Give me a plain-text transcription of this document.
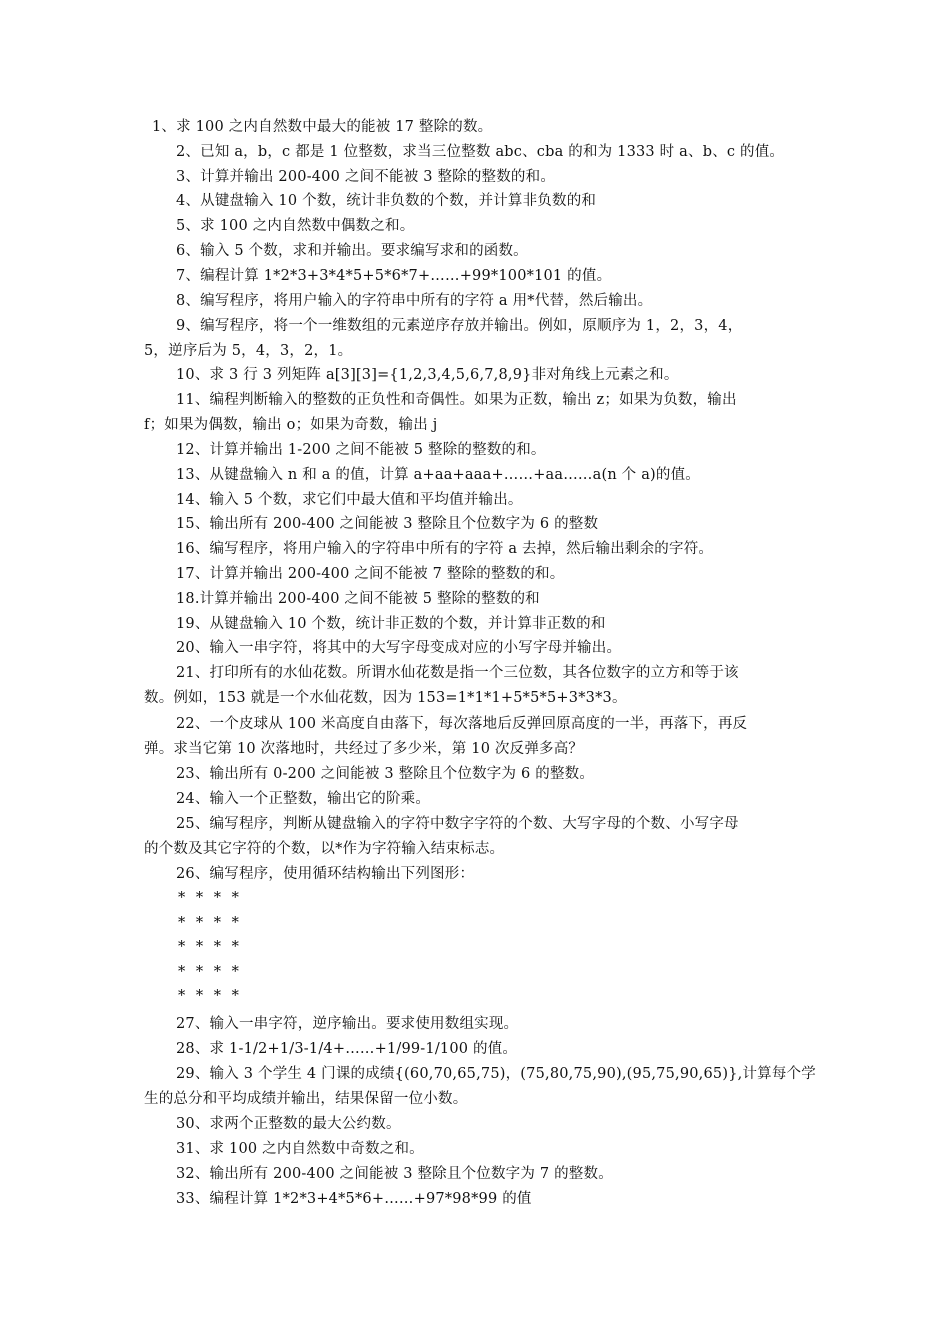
1、求 100 之内自然数中最大的能被 17 整除的数。
2、已知 a，b，c 都是 1 位整数，求当三位整数 abc、cba 的和为 1333 时 a、b、c 的值。
3、计算并输出 200-400 之间不能被 3 整除的整数的和。
4、从键盘输入 10 个数，统计非负数的个数，并计算非负数的和
5、求 100 之内自然数中偶数之和。
6、输入 5 个数，求和并输出。要求编写求和的函数。
7、编程计算 1*2*3+3*4*5+5*6*7+……+99*100*101 的值。
8、编写程序，将用户输入的字符串中所有的字符 a 用*代替，然后输出。
9、编写程序，将一个一维数组的元素逆序存放并输出。例如，原顺序为 1，2，3，4，
5，逆序后为 5，4，3，2，1。
10、求 3 行 3 列矩阵 a[3][3]={1,2,3,4,5,6,7,8,9}非对角线上元素之和。
11、编程判断输入的整数的正负性和奇偶性。如果为正数，输出 z；如果为负数，输出
f；如果为偶数，输出 o；如果为奇数，输出 j
12、计算并输出 1-200 之间不能被 5 整除的整数的和。
13、从键盘输入 n 和 a 的值，计算 a+aa+aaa+……+aa……a(n 个 a)的值。
14、输入 5 个数，求它们中最大值和平均值并输出。
15、输出所有 200-400 之间能被 3 整除且个位数字为 6 的整数
16、编写程序，将用户输入的字符串中所有的字符 a 去掉，然后输出剩余的字符。
17、计算并输出 200-400 之间不能被 7 整除的整数的和。
18.计算并输出 200-400 之间不能被 5 整除的整数的和
19、从键盘输入 10 个数，统计非正数的个数，并计算非正数的和
20、输入一串字符，将其中的大写字母变成对应的小写字母并输出。
21、打印所有的水仙花数。所谓水仙花数是指一个三位数，其各位数字的立方和等于该
数。例如，153 就是一个水仙花数，因为 153=1*1*1+5*5*5+3*3*3。
22、一个皮球从 100 米高度自由落下，每次落地后反弹回原高度的一半，再落下，再反
弹。求当它第 10 次落地时，共经过了多少米，第 10 次反弹多高？
23、输出所有 0-200 之间能被 3 整除且个位数字为 6 的整数。
24、输入一个正整数，输出它的阶乘。
25、编写程序，判断从键盘输入的字符中数字字符的个数、大写字母的个数、小写字母
的个数及其它字符的个数，以*作为字符输入结束标志。
26、编写程序，使用循环结构输出下列图形：
* * * *
* * * *
* * * *
* * * *
* * * *
27、输入一串字符，逆序输出。要求使用数组实现。
28、求 1-1/2+1/3-1/4+……+1/99-1/100 的值。
29、输入 3 个学生 4 门课的成绩{(60,70,65,75)，(75,80,75,90),(95,75,90,65)},计算每个学
生的总分和平均成绩并输出，结果保留一位小数。
30、求两个正整数的最大公约数。
31、求 100 之内自然数中奇数之和。
32、输出所有 200-400 之间能被 3 整除且个位数字为 7 的整数。
33、编程计算 1*2*3+4*5*6+……+97*98*99 的值
